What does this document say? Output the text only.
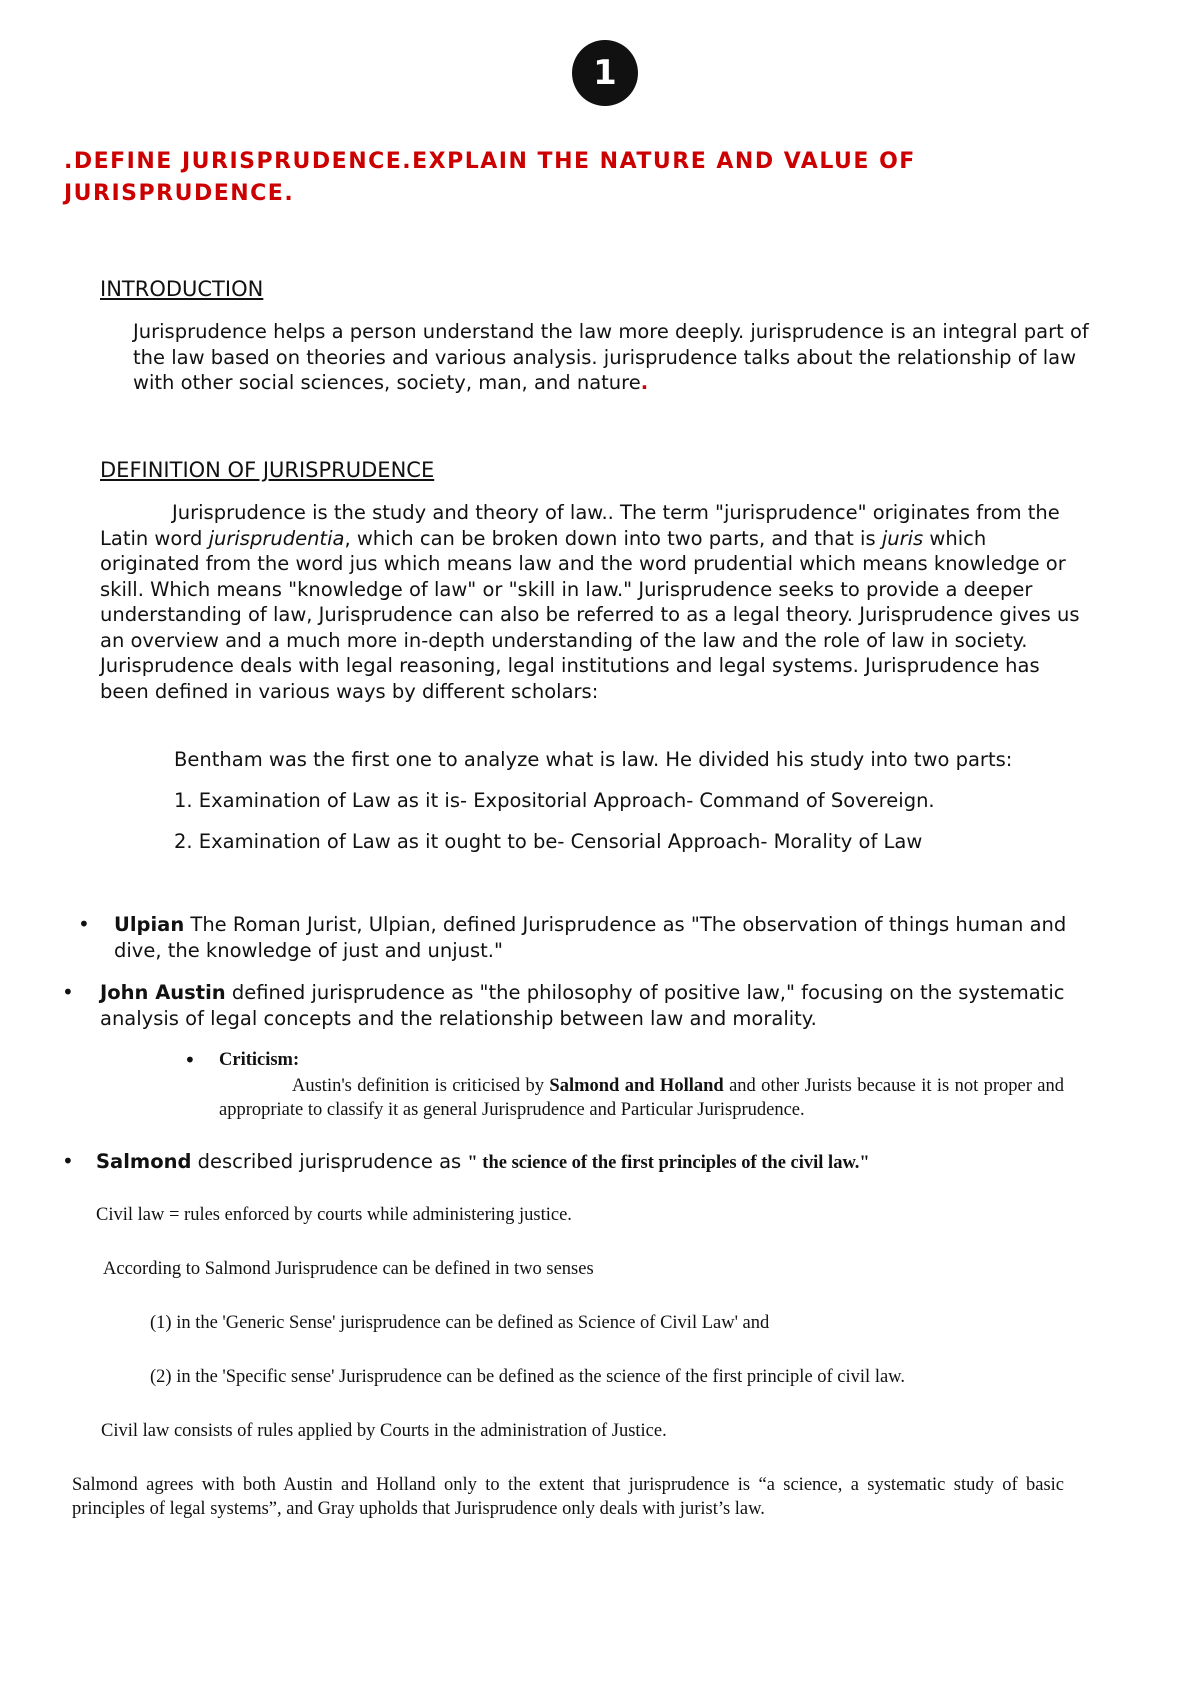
1
.DEFINE JURISPRUDENCE.EXPLAIN THE NATURE AND VALUE OF JURISPRUDENCE.
INTRODUCTION

Jurisprudence helps a person understand the law more deeply. jurisprudence is an integral part of the law based on theories and various analysis. jurisprudence talks about the relationship of law with other social sciences, society, man, and nature.

DEFINITION OF JURISPRUDENCE

Jurisprudence is the study and theory of law.. The term "jurisprudence" originates from the Latin word jurisprudentia, which can be broken down into two parts, and that is juris which originated from the word jus which means law and the word prudential which means knowledge or skill. Which means "knowledge of law" or "skill in law." Jurisprudence seeks to provide a deeper understanding of law, Jurisprudence can also be referred to as a legal theory. Jurisprudence gives us an overview and a much more in-depth understanding of the law and the role of law in society. Jurisprudence deals with legal reasoning, legal institutions and legal systems. Jurisprudence has been defined in various ways by different scholars:

Bentham was the first one to analyze what is law. He divided his study into two parts:

1. Examination of Law as it is- Expositorial Approach- Command of Sovereign.

2. Examination of Law as it ought to be- Censorial Approach- Morality of Law

• Ulpian The Roman Jurist, Ulpian, defined Jurisprudence as "The observation of things human and dive, the knowledge of just and unjust."

• John Austin defined jurisprudence as "the philosophy of positive law," focusing on the systematic analysis of legal concepts and the relationship between law and morality.

• Criticism:

Austin's definition is criticised by Salmond and Holland and other Jurists because it is not proper and appropriate to classify it as general Jurisprudence and Particular Jurisprudence.

• Salmond described jurisprudence as " the science of the first principles of the civil law."

Civil law = rules enforced by courts while administering justice.

According to Salmond Jurisprudence can be defined in two senses

(1) in the 'Generic Sense' jurisprudence can be defined as Science of Civil Law' and

(2) in the 'Specific sense' Jurisprudence can be defined as the science of the first principle of civil law.

Civil law consists of rules applied by Courts in the administration of Justice.

Salmond agrees with both Austin and Holland only to the extent that jurisprudence is “a science, a systematic study of basic principles of legal systems”, and Gray upholds that Jurisprudence only deals with jurist’s law.
